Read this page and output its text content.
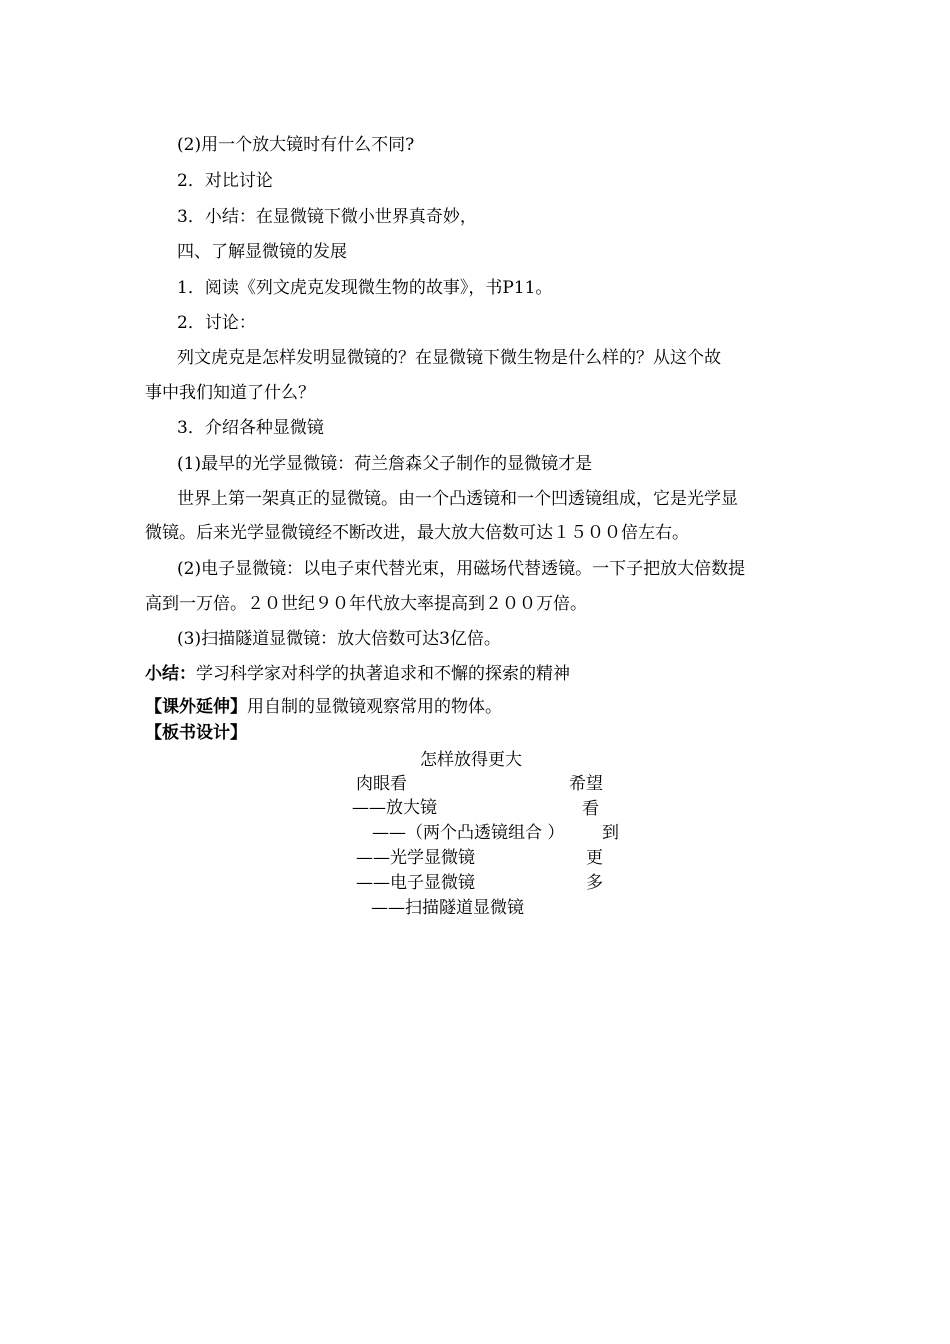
(2)用一个放大镜时有什么不同?
2．对比讨论
3．小结：在显微镜下微小世界真奇妙，
四、了解显微镜的发展
1．阅读《列文虎克发现微生物的故事》，书P11。
2．讨论：
列文虎克是怎样发明显微镜的？在显微镜下微生物是什么样的？从这个故
事中我们知道了什么？
3．介绍各种显微镜
(1)最早的光学显微镜：荷兰詹森父子制作的显微镜才是
世界上第一架真正的显微镜。由一个凸透镜和一个凹透镜组成，它是光学显
微镜。后来光学显微镜经不断改进，最大放大倍数可达１５００倍左右。
(2)电子显微镜：以电子束代替光束，用磁场代替透镜。一下子把放大倍数提
高到一万倍。２０世纪９０年代放大率提高到２００万倍。
(3)扫描隧道显微镜：放大倍数可达3亿倍。
小结：学习科学家对科学的执著追求和不懈的探索的精神
【课外延伸】用自制的显微镜观察常用的物体。
【板书设计】
怎样放得更大
肉眼看
——放大镜
——（两个凸透镜组合 ）
——光学显微镜
——电子显微镜
——扫描隧道显微镜
希望
看
到
更
多
